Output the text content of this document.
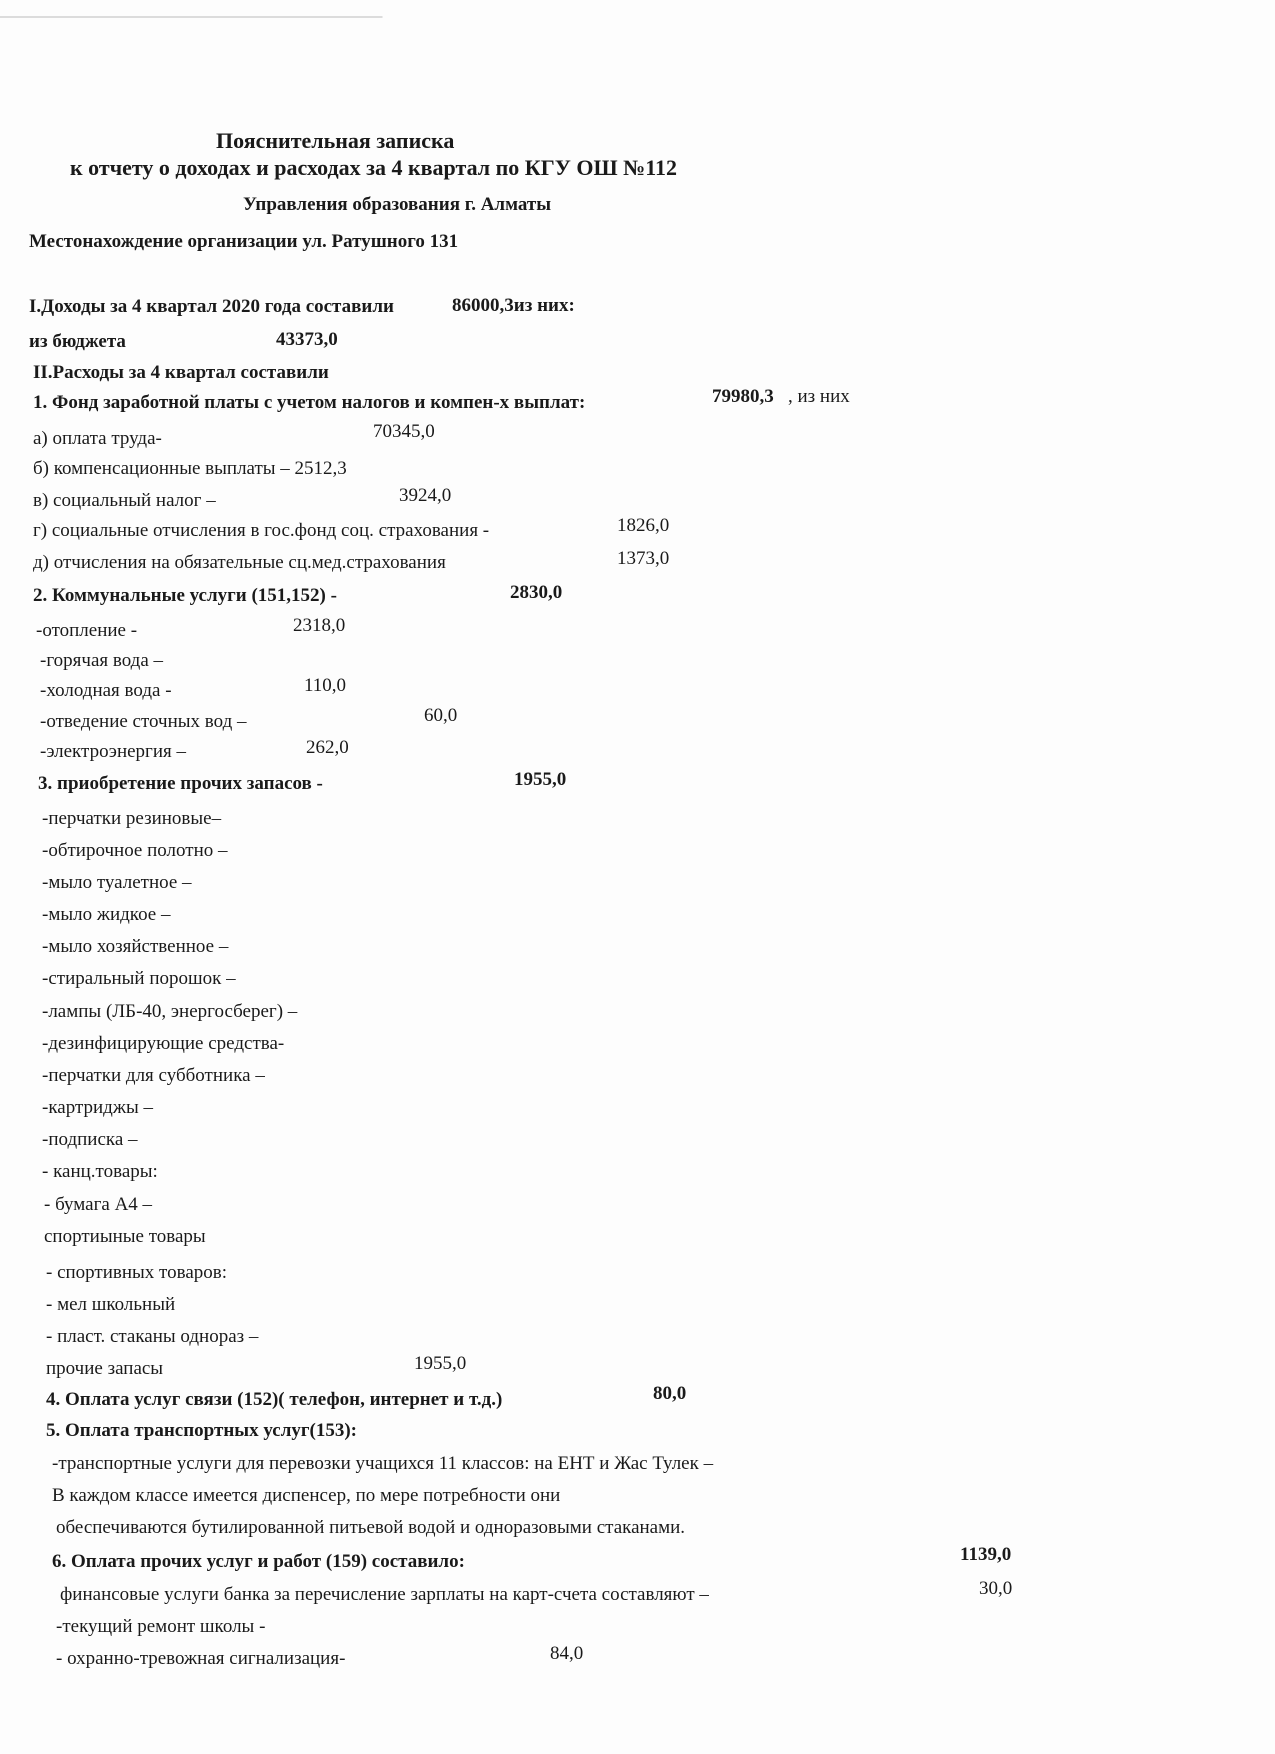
Пояснительная записка
к отчету о доходах и расходах за 4 квартал по КГУ ОШ №112
Управления образования г. Алматы
Местонахождение организации ул. Ратушного 131
I.Доходы за 4 квартал 2020 года составили	86000,3из них:
из бюджета	43373,0
II.Расходы за 4 квартал составили
1. Фонд заработной платы с учетом налогов и компен-х выплат:	79980,3 , из них
а) оплата труда-	70345,0
б) компенсационные выплаты – 2512,3
в) социальный налог –	3924,0
г) социальные отчисления в гос.фонд соц. страхования -	1826,0
д) отчисления на обязательные сц.мед.страхования	1373,0
2. Коммунальные услуги (151,152) -	2830,0
-отопление -	2318,0
-горячая вода –
-холодная вода -	110,0
-отведение сточных вод –	60,0
-электроэнергия –	262,0
3. приобретение прочих запасов -	1955,0
-перчатки резиновые–
-обтирочное полотно –
-мыло туалетное –
-мыло жидкое –
-мыло хозяйственное –
-стиральный порошок –
-лампы (ЛБ-40, энергосберег) –
-дезинфицирующие средства-
-перчатки для субботника –
-картриджы –
-подписка –
- канц.товары:
- бумага А4 –
спортиыные товары
- спортивных товаров:
- мел школьный
- пласт. стаканы однораз –
прочие запасы	1955,0
4. Оплата услуг связи (152)( телефон, интернет и т.д.)	80,0
5. Оплата транспортных услуг(153):
-транспортные услуги для перевозки учащихся 11 классов: на ЕНТ и Жас Тулек –
В каждом классе имеется диспенсер, по мере потребности они
обеспечиваются бутилированной питьевой водой и одноразовыми стаканами.
6. Оплата прочих услуг и работ (159) составило:	1139,0
финансовые услуги банка за перечисление зарплаты на карт-счета составляют –	30,0
-текущий ремонт школы -
- охранно-тревожная сигнализация-	84,0
